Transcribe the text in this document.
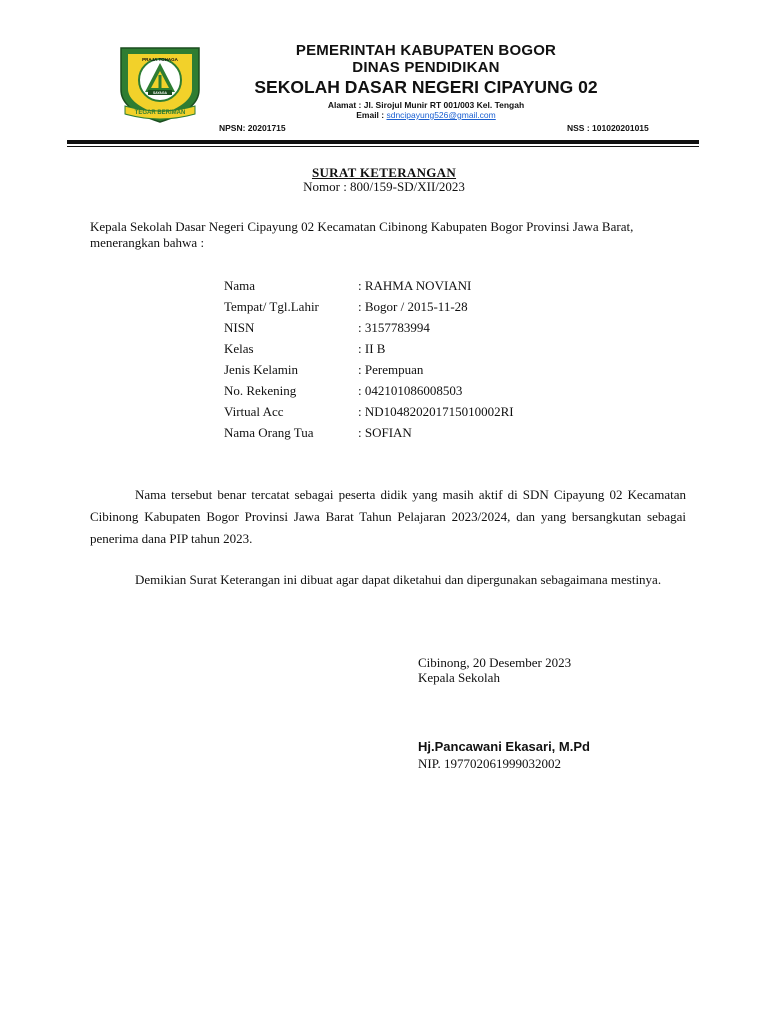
PRAJA TOHAGA
SAYAGA
TEGAR BERIMAN
PEMERINTAH KABUPATEN BOGOR
DINAS PENDIDIKAN
SEKOLAH DASAR NEGERI CIPAYUNG 02
Alamat : Jl. Sirojul Munir RT 001/003 Kel. Tengah
Email : sdncipayung526@gmail.com
NPSN: 20201715	NSS : 101020201015
SURAT KETERANGAN
Nomor : 800/159-SD/XII/2023
Kepala Sekolah Dasar Negeri Cipayung 02 Kecamatan Cibinong Kabupaten Bogor Provinsi Jawa Barat, menerangkan bahwa :
Nama	: RAHMA NOVIANI
Tempat/ Tgl.Lahir	: Bogor / 2015-11-28
NISN	: 3157783994
Kelas	: II B
Jenis Kelamin	: Perempuan
No. Rekening	: 042101086008503
Virtual Acc	: ND104820201715010002RI
Nama Orang Tua	: SOFIAN
Nama tersebut benar tercatat sebagai peserta didik yang masih aktif di SDN Cipayung 02 Kecamatan Cibinong Kabupaten Bogor Provinsi Jawa Barat Tahun Pelajaran 2023/2024, dan yang bersangkutan sebagai penerima dana PIP tahun 2023.
Demikian Surat Keterangan ini dibuat agar dapat diketahui dan dipergunakan sebagaimana mestinya.
Cibinong, 20 Desember 2023
Kepala Sekolah
Hj.Pancawani Ekasari, M.Pd
NIP. 197702061999032002
